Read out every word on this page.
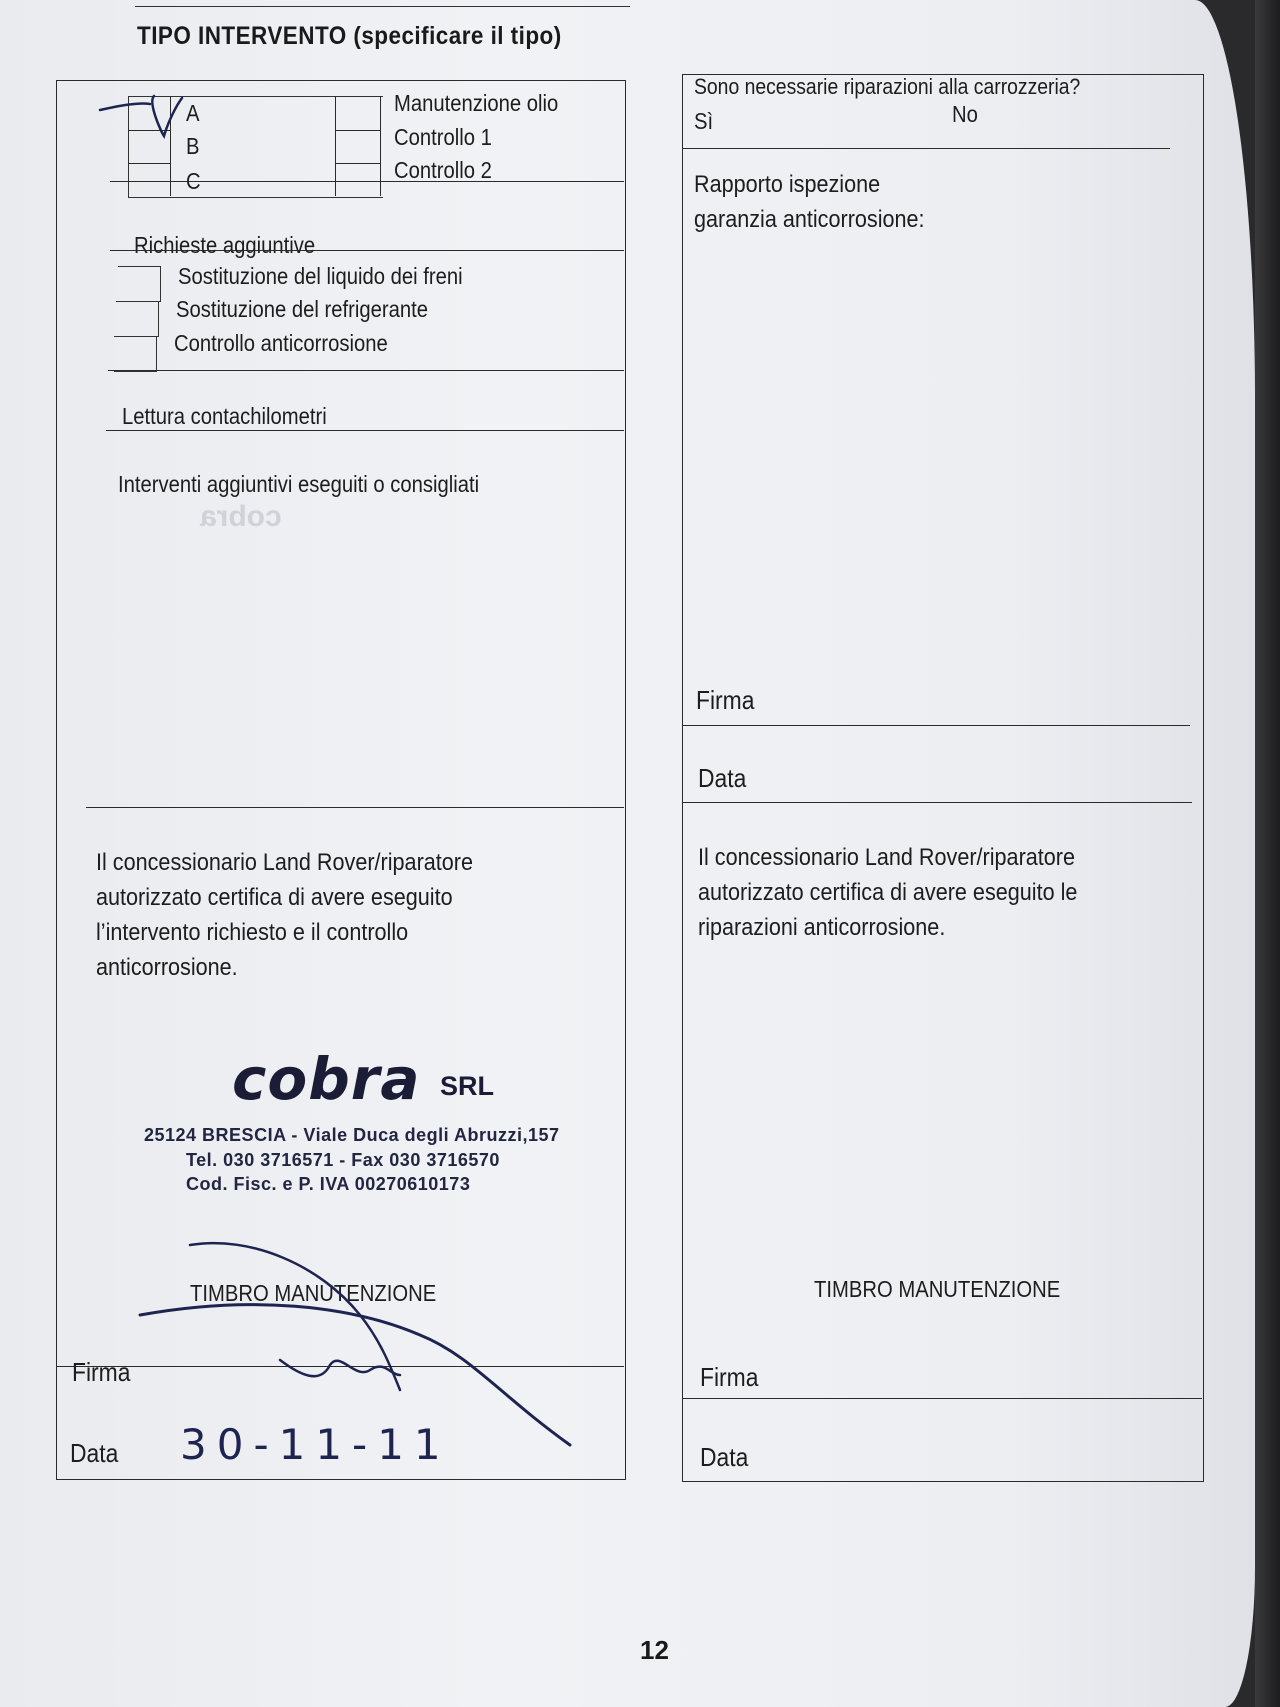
TIPO INTERVENTO (specificare il tipo)
cobra
A	Manutenzione olio
B	Controllo 1
C	Controllo 2
Richieste aggiuntive
Sostituzione del liquido dei freni
Sostituzione del refrigerante
Controllo anticorrosione
Lettura contachilometri
Interventi aggiuntivi eseguiti o consigliati
Il concessionario Land Rover/riparatore
autorizzato certifica di avere eseguito
l’intervento richiesto e il controllo
anticorrosione.
cobra SRL
25124 BRESCIA - Viale Duca degli Abruzzi,157
Tel. 030 3716571 - Fax 030 3716570
Cod. Fisc. e P. IVA 00270610173
TIMBRO MANUTENZIONE
Firma
Data 30-11-11
Sono necessarie riparazioni alla carrozzeria?
Sì	No
Rapporto ispezione
garanzia anticorrosione:
Firma
Data
Il concessionario Land Rover/riparatore
autorizzato certifica di avere eseguito le
riparazioni anticorrosione.
TIMBRO MANUTENZIONE
Firma
Data
12
